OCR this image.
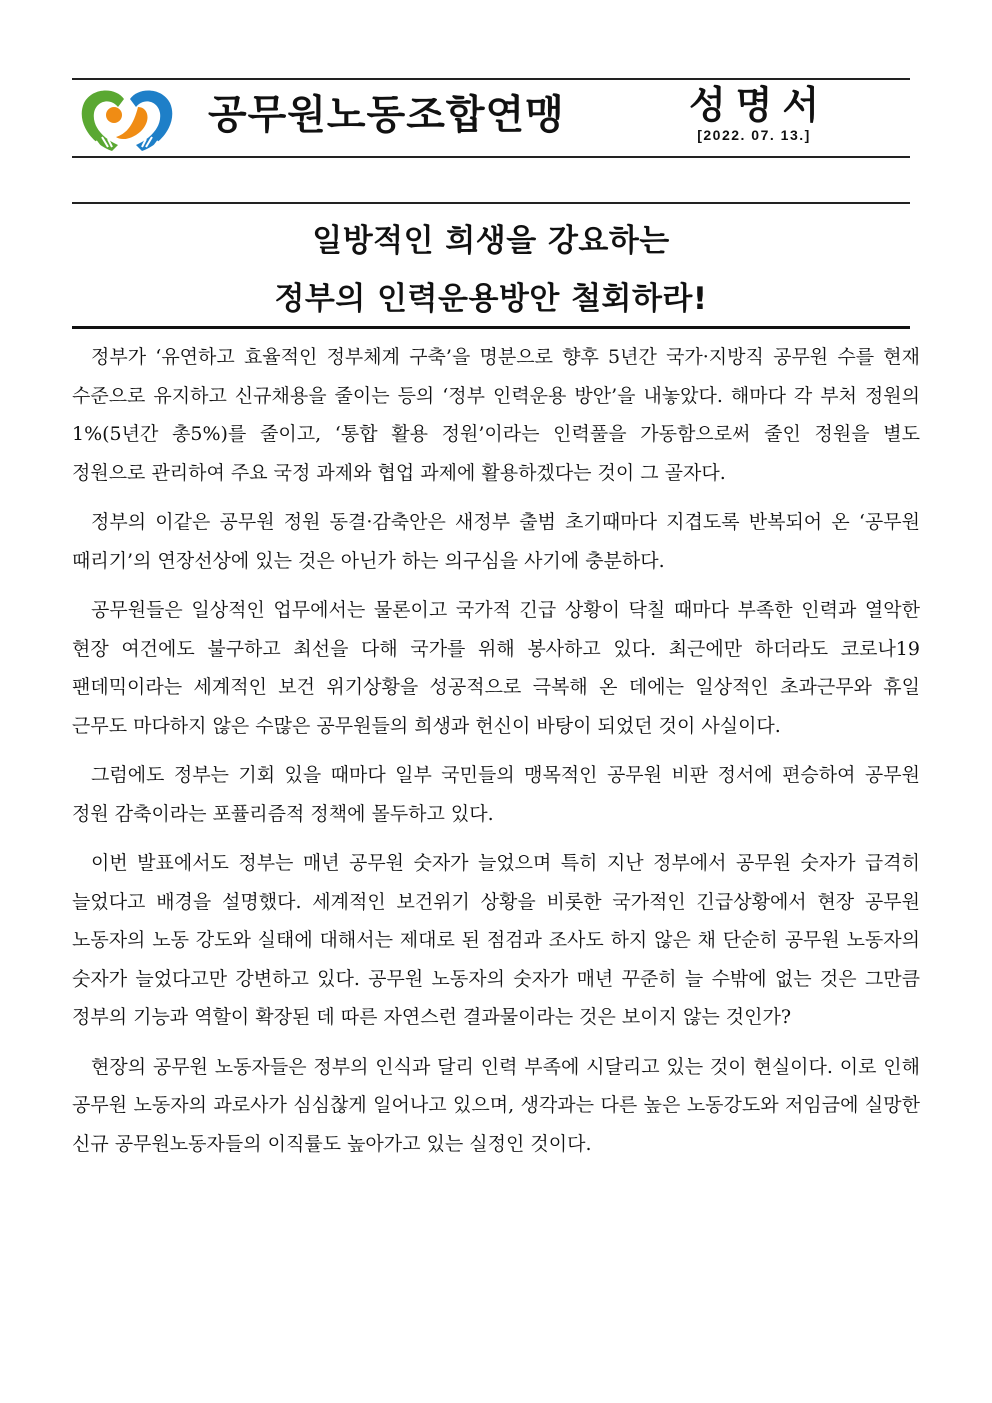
공무원노동조합연맹	성명서
[2022. 07. 13.]
일방적인 희생을 강요하는
정부의 인력운용방안 철회하라!

정부가 ‘유연하고 효율적인 정부체계 구축’을 명분으로 향후 5년간 국가·지방직 공무원 수를 현재 수준으로 유지하고 신규채용을 줄이는 등의 ‘정부 인력운용 방안’을 내놓았다. 해마다 각 부처 정원의 1%(5년간 총5%)를 줄이고, ‘통합 활용 정원’이라는 인력풀을 가동함으로써 줄인 정원을 별도 정원으로 관리하여 주요 국정 과제와 협업 과제에 활용하겠다는 것이 그 골자다.

정부의 이같은 공무원 정원 동결·감축안은 새정부 출범 초기때마다 지겹도록 반복되어 온 ‘공무원 때리기’의 연장선상에 있는 것은 아닌가 하는 의구심을 사기에 충분하다.

공무원들은 일상적인 업무에서는 물론이고 국가적 긴급 상황이 닥칠 때마다 부족한 인력과 열악한 현장 여건에도 불구하고 최선을 다해 국가를 위해 봉사하고 있다. 최근에만 하더라도 코로나19 팬데믹이라는 세계적인 보건 위기상황을 성공적으로 극복해 온 데에는 일상적인 초과근무와 휴일 근무도 마다하지 않은 수많은 공무원들의 희생과 헌신이 바탕이 되었던 것이 사실이다.

그럼에도 정부는 기회 있을 때마다 일부 국민들의 맹목적인 공무원 비판 정서에 편승하여 공무원 정원 감축이라는 포퓰리즘적 정책에 몰두하고 있다.

이번 발표에서도 정부는 매년 공무원 숫자가 늘었으며 특히 지난 정부에서 공무원 숫자가 급격히 늘었다고 배경을 설명했다. 세계적인 보건위기 상황을 비롯한 국가적인 긴급상황에서 현장 공무원 노동자의 노동 강도와 실태에 대해서는 제대로 된 점검과 조사도 하지 않은 채 단순히 공무원 노동자의 숫자가 늘었다고만 강변하고 있다. 공무원 노동자의 숫자가 매년 꾸준히 늘 수밖에 없는 것은 그만큼 정부의 기능과 역할이 확장된 데 따른 자연스런 결과물이라는 것은 보이지 않는 것인가?

현장의 공무원 노동자들은 정부의 인식과 달리 인력 부족에 시달리고 있는 것이 현실이다. 이로 인해 공무원 노동자의 과로사가 심심찮게 일어나고 있으며, 생각과는 다른 높은 노동강도와 저임금에 실망한 신규 공무원노동자들의 이직률도 높아가고 있는 실정인 것이다.
